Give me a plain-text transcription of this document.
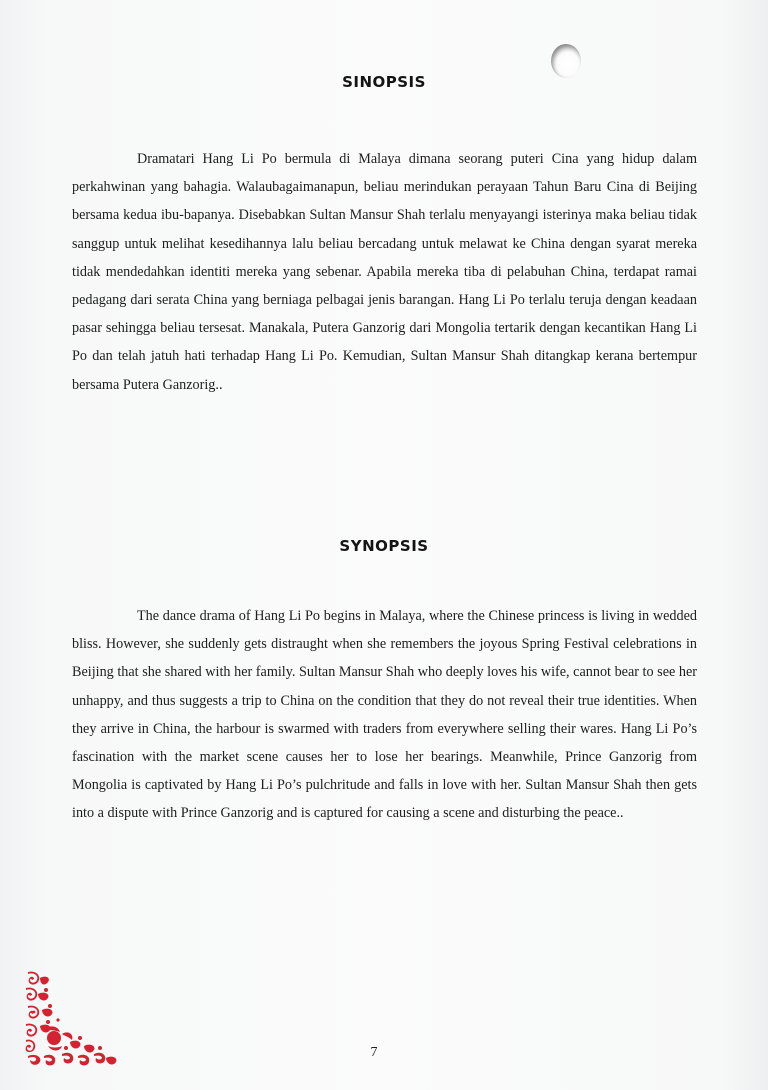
SINOPSIS

Dramatari Hang Li Po bermula di Malaya dimana seorang puteri Cina yang hidup dalam perkahwinan yang bahagia. Walaubagaimanapun, beliau merindukan perayaan Tahun Baru Cina di Beijing bersama kedua ibu-bapanya. Disebabkan Sultan Mansur Shah terlalu menyayangi isterinya maka beliau tidak sanggup untuk melihat kesedihannya lalu beliau bercadang untuk melawat ke China dengan syarat mereka tidak mendedahkan identiti mereka yang sebenar. Apabila mereka tiba di pelabuhan China, terdapat ramai pedagang dari serata China yang berniaga pelbagai jenis barangan. Hang Li Po terlalu teruja dengan keadaan pasar sehingga beliau tersesat. Manakala, Putera Ganzorig dari Mongolia tertarik dengan kecantikan Hang Li Po dan telah jatuh hati terhadap Hang Li Po. Kemudian, Sultan Mansur Shah ditangkap kerana bertempur bersama Putera Ganzorig..

SYNOPSIS

The dance drama of Hang Li Po begins in Malaya, where the Chinese princess is living in wedded bliss. However, she suddenly gets distraught when she remembers the joyous Spring Festival celebrations in Beijing that she shared with her family. Sultan Mansur Shah who deeply loves his wife, cannot bear to see her unhappy, and thus suggests a trip to China on the condition that they do not reveal their true identities. When they arrive in China, the harbour is swarmed with traders from everywhere selling their wares. Hang Li Po’s fascination with the market scene causes her to lose her bearings. Meanwhile, Prince Ganzorig from Mongolia is captivated by Hang Li Po’s pulchritude and falls in love with her. Sultan Mansur Shah then gets into a dispute with Prince Ganzorig and is captured for causing a scene and disturbing the peace..

7
